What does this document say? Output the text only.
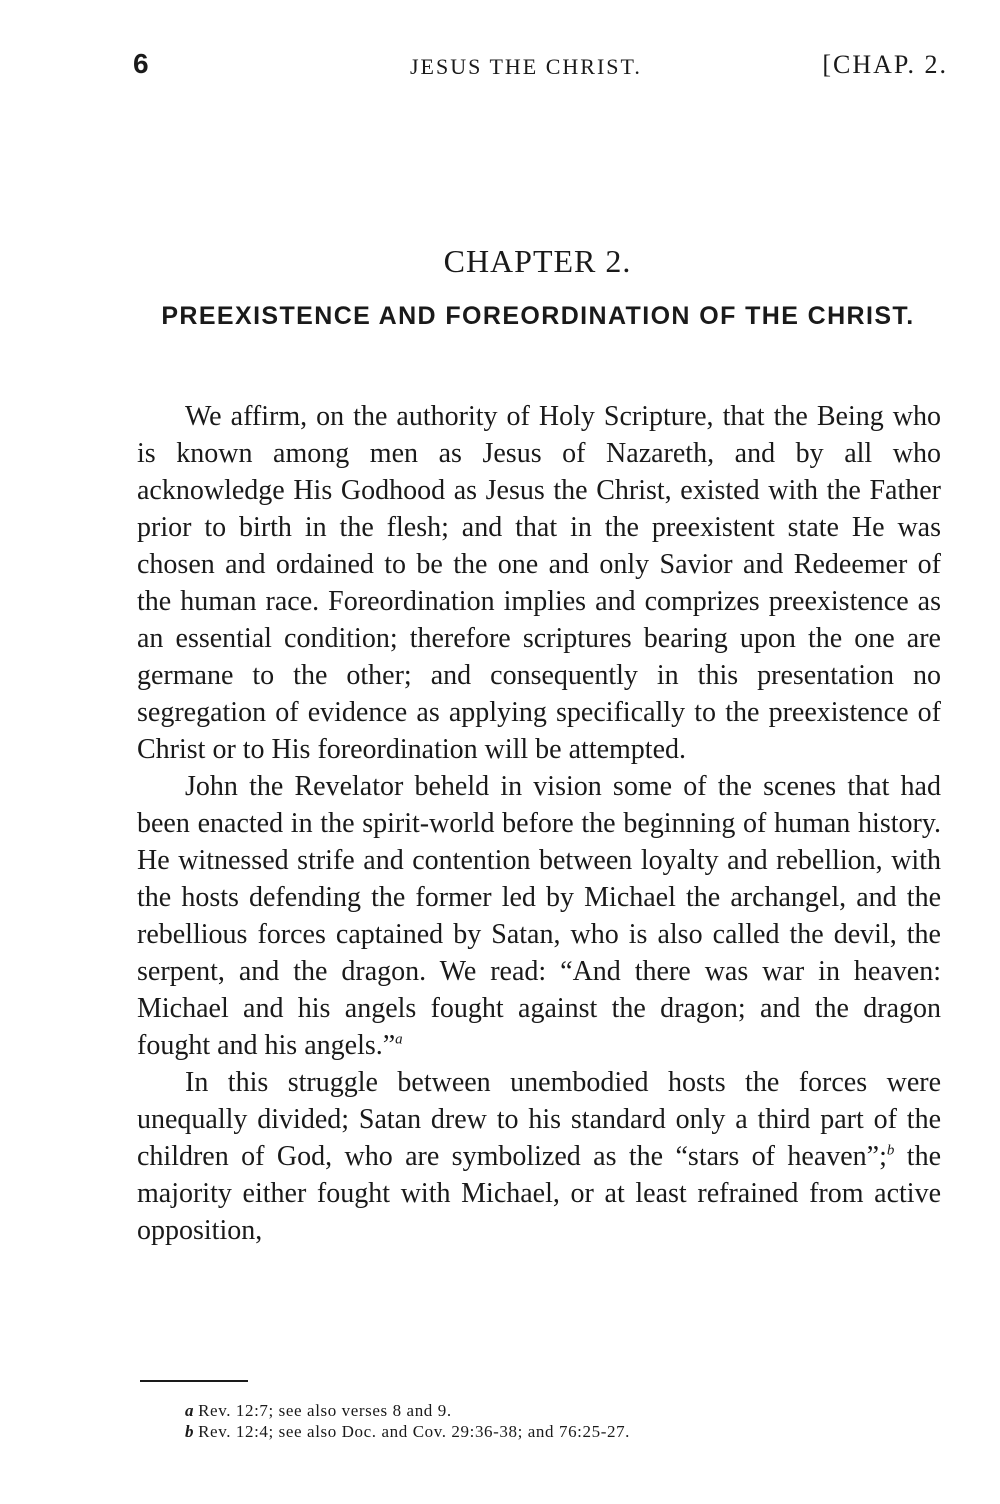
6	JESUS THE CHRIST.	[CHAP. 2.
CHAPTER 2.
PREEXISTENCE AND FOREORDINATION OF THE CHRIST.

We affirm, on the authority of Holy Scripture, that the Being who is known among men as Jesus of Nazareth, and by all who acknowledge His Godhood as Jesus the Christ, existed with the Father prior to birth in the flesh; and that in the preexistent state He was chosen and ordained to be the one and only Savior and Redeemer of the human race. Foreordination implies and comprizes preexistence as an essential condition; therefore scriptures bearing upon the one are germane to the other; and consequently in this presentation no segregation of evidence as applying specifically to the preexistence of Christ or to His foreordination will be attempted.

John the Revelator beheld in vision some of the scenes that had been enacted in the spirit-world before the beginning of human history. He witnessed strife and contention between loyalty and rebellion, with the hosts defending the former led by Michael the archangel, and the rebellious forces captained by Satan, who is also called the devil, the serpent, and the dragon. We read: “And there was war in heaven: Michael and his angels fought against the dragon; and the dragon fought and his angels.”$^a$

In this struggle between unembodied hosts the forces were unequally divided; Satan drew to his standard only a third part of the children of God, who are symbolized as the “stars of heaven”;$^b$ the majority either fought with Michael, or at least refrained from active opposition,

a Rev. 12:7; see also verses 8 and 9.
b Rev. 12:4; see also Doc. and Cov. 29:36-38; and 76:25-27.
